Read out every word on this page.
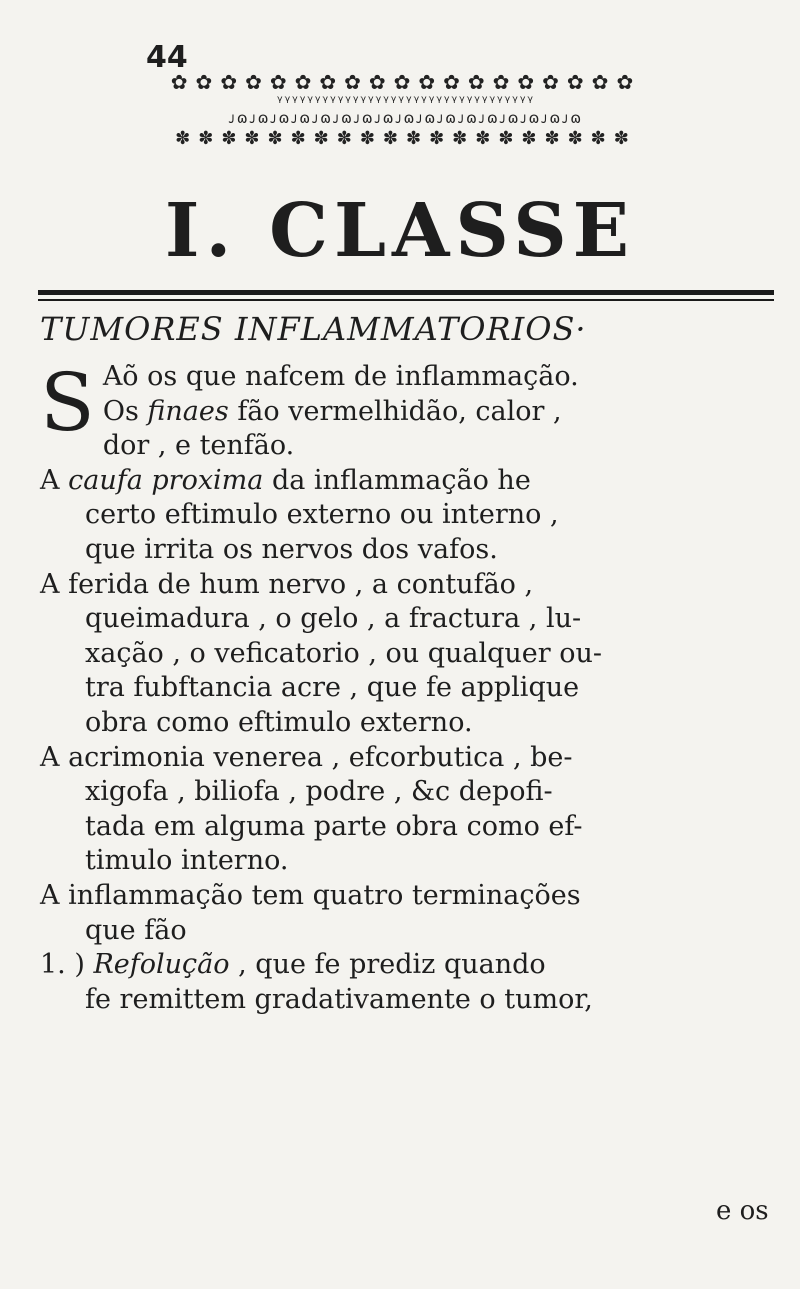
44
✿✿✿✿✿✿✿✿✿✿✿✿✿✿✿✿✿✿✿
ᵞᵞᵞᵞᵞᵞᵞᵞᵞᵞᵞᵞᵞᵞᵞᵞᵞᵞᵞᵞᵞᵞᵞᵞᵞᵞᵞᵞᵞᵞᵞᵞᵞᵞ
ᴊɷᴊɷᴊɷᴊɷᴊɷᴊɷᴊɷᴊɷᴊɷᴊɷᴊɷᴊɷᴊɷᴊɷᴊɷᴊɷᴊɷ
✽✽✽✽✽✽✽✽✽✽✽✽✽✽✽✽✽✽✽✽
I. CLASSE
TUMORES INFLAMMATORIOS·
S Aõ os que nafcem de inflammação.
Os finaes fão vermelhidão, calor ,
dor , e tenfão.
A caufa proxima da inflammação he
certo eftimulo externo ou interno ,
que irrita os nervos dos vafos.
A ferida de hum nervo , a contufão ,
queimadura , o gelo , a fractura , lu-
xação , o veficatorio , ou qualquer ou-
tra fubftancia acre , que fe applique
obra como eftimulo externo.
A acrimonia venerea , efcorbutica , be-
xigofa , biliofa , podre , &c depofi-
tada em alguma parte obra como ef-
timulo interno.
A inflammação tem quatro terminações
que fão
1. ) Refolução , que fe prediz quando
fe remittem gradativamente o tumor,
e os
